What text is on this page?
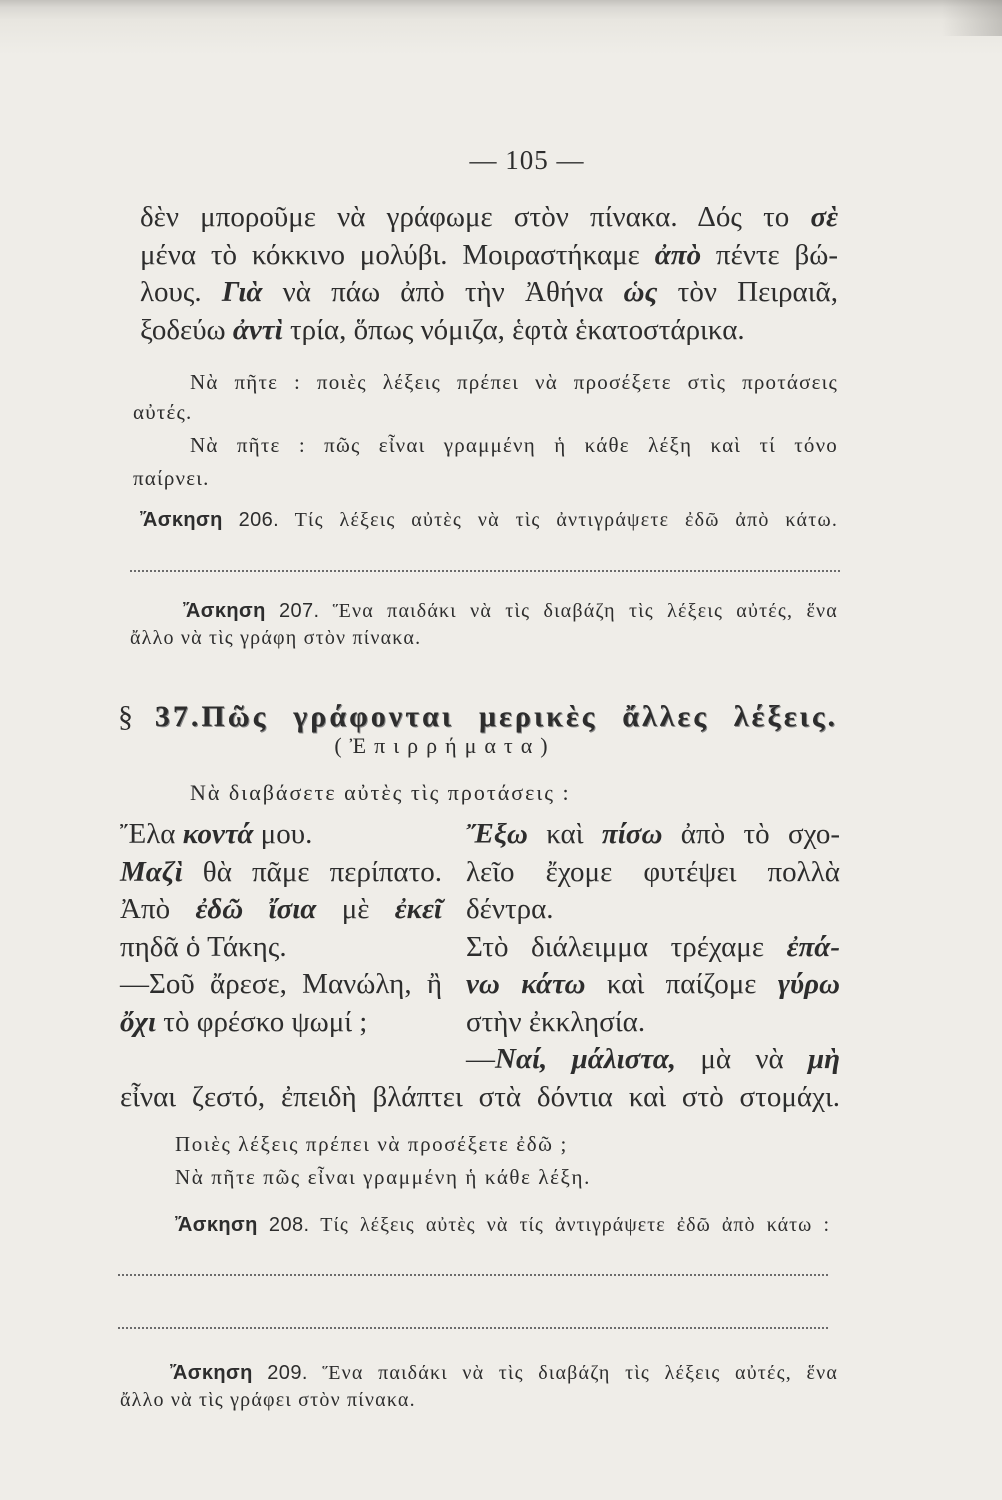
— 105 —
δὲν μποροῦμε νὰ γράφωμε στὸν πίνακα. Δός το σὲ
μένα τὸ κόκκινο μολύβι. Μοιραστήκαμε ἀπὸ πέντε βώ-
λους. Γιὰ νὰ πάω ἀπὸ τὴν Ἀθήνα ὡς τὸν Πειραιᾶ,
ξοδεύω ἀντὶ τρία, ὅπως νόμιζα, ἑφτὰ ἑκατοστάρικα.
Νὰ πῆτε : ποιὲς λέξεις πρέπει νὰ προσέξετε στὶς προτάσεις
αὐτές.
Νὰ πῆτε : πῶς εἶναι γραμμένη ἡ κάθε λέξη καὶ τί τόνο
παίρνει.
Ἄσκηση 206. Τίς λέξεις αὐτὲς νὰ τὶς ἀντιγράψετε ἐδῶ ἀπὸ κάτω.
Ἄσκηση 207. Ἕνα παιδάκι νὰ τὶς διαβάζη τὶς λέξεις αὐτές, ἕνα
ἄλλο νὰ τὶς γράφη στὸν πίνακα.
§ 37.Πῶς γράφονται μερικὲς ἄλλες λέξεις.
(Ἐπιρρήματα)
Νὰ διαβάσετε αὐτὲς τὶς προτάσεις :
Ἔλα κοντά μου.
Μαζὶ θὰ πᾶμε περίπατο.
Ἀπὸ ἐδῶ ἴσια μὲ ἐκεῖ
πηδᾶ ὁ Τάκης.
—Σοῦ ἄρεσε, Μανώλη, ἢ
ὄχι τὸ φρέσκο ψωμί ;
Ἔξω καὶ πίσω ἀπὸ τὸ σχο-
λεῖο ἔχομε φυτέψει πολλὰ
δέντρα.
Στὸ διάλειμμα τρέχαμε ἐπά-
νω κάτω καὶ παίζομε γύρω
στὴν ἐκκλησία.
—Ναί, μάλιστα, μὰ νὰ μὴ
εἶναι ζεστό, ἐπειδὴ βλάπτει στὰ δόντια καὶ στὸ στομάχι.
Ποιὲς λέξεις πρέπει νὰ προσέξετε ἐδῶ ;
Νὰ πῆτε πῶς εἶναι γραμμένη ἡ κάθε λέξη.
Ἄσκηση 208. Τίς λέξεις αὐτὲς νὰ τίς ἀντιγράψετε ἐδῶ ἀπὸ κάτω :
Ἄσκηση 209. Ἕνα παιδάκι νὰ τὶς διαβάζη τὶς λέξεις αὐτές, ἕνα
ἄλλο νὰ τὶς γράφει στὸν πίνακα.
